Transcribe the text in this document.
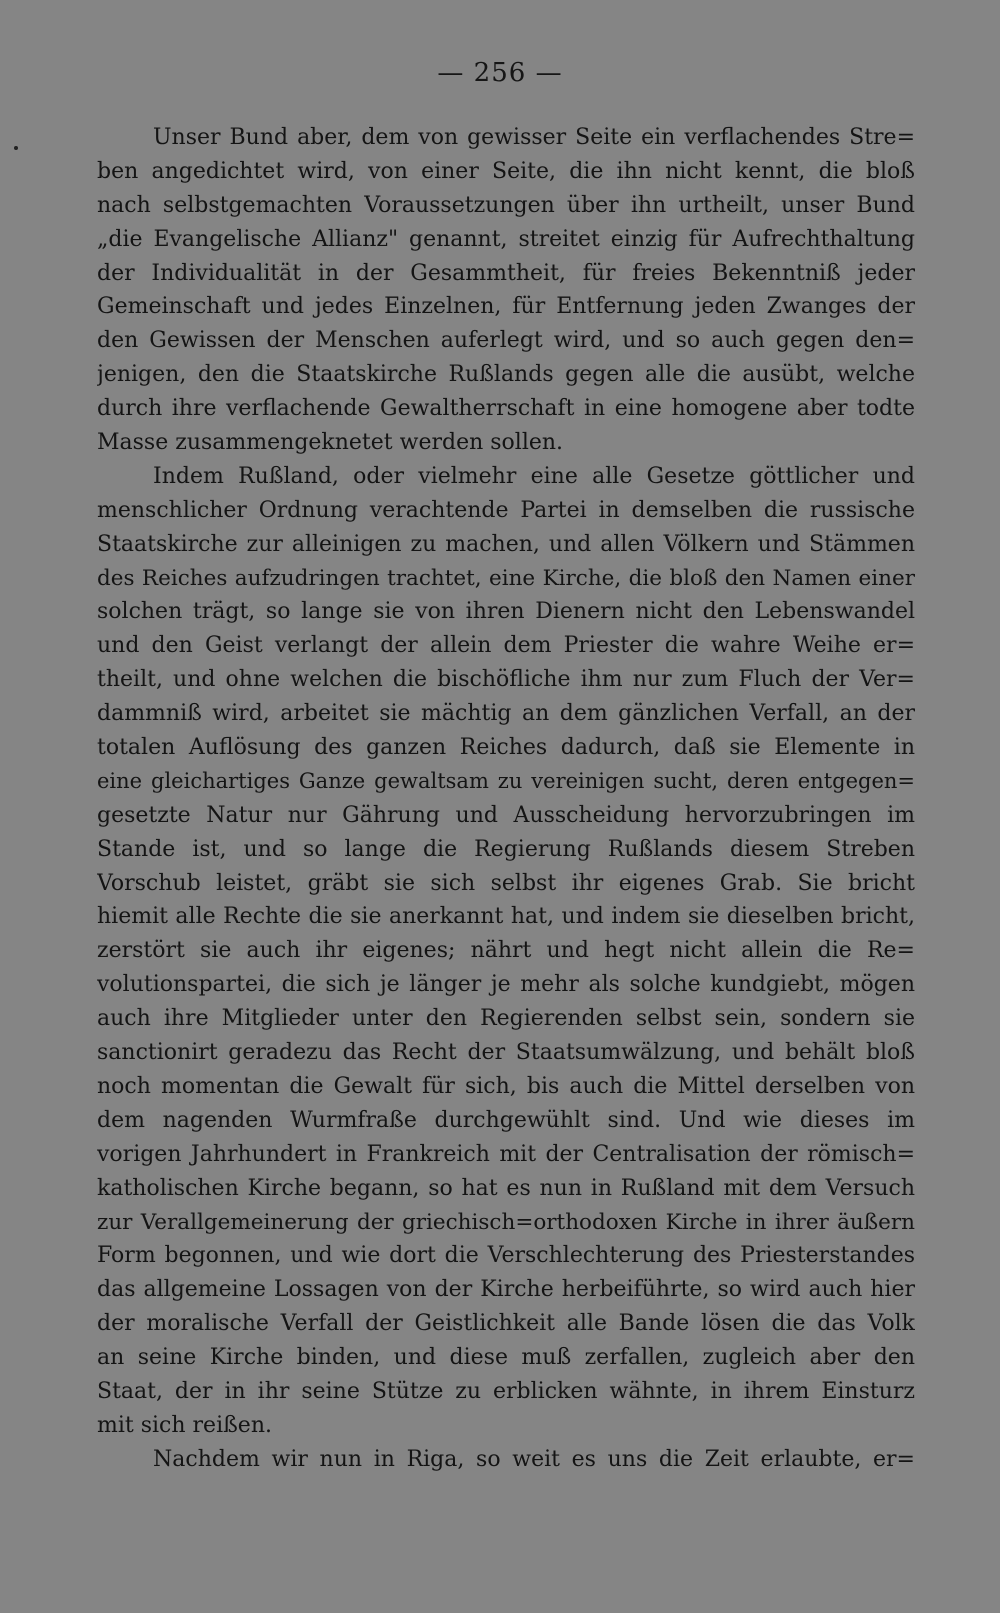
— 256 —
Unser Bund aber, dem von gewisser Seite ein verflachendes Stre=
ben angedichtet wird, von einer Seite, die ihn nicht kennt, die bloß
nach selbstgemachten Voraussetzungen über ihn urtheilt, unser Bund
„die Evangelische Allianz" genannt, streitet einzig für Aufrechthaltung
der Individualität in der Gesammtheit, für freies Bekenntniß jeder
Gemeinschaft und jedes Einzelnen, für Entfernung jeden Zwanges der
den Gewissen der Menschen auferlegt wird, und so auch gegen den=
jenigen, den die Staatskirche Rußlands gegen alle die ausübt, welche
durch ihre verflachende Gewaltherrschaft in eine homogene aber todte
Masse zusammengeknetet werden sollen.
Indem Rußland, oder vielmehr eine alle Gesetze göttlicher und
menschlicher Ordnung verachtende Partei in demselben die russische
Staatskirche zur alleinigen zu machen, und allen Völkern und Stämmen
des Reiches aufzudringen trachtet, eine Kirche, die bloß den Namen einer
solchen trägt, so lange sie von ihren Dienern nicht den Lebenswandel
und den Geist verlangt der allein dem Priester die wahre Weihe er=
theilt, und ohne welchen die bischöfliche ihm nur zum Fluch der Ver=
dammniß wird, arbeitet sie mächtig an dem gänzlichen Verfall, an der
totalen Auflösung des ganzen Reiches dadurch, daß sie Elemente in
eine gleichartiges Ganze gewaltsam zu vereinigen sucht, deren entgegen=
gesetzte Natur nur Gährung und Ausscheidung hervorzubringen im
Stande ist, und so lange die Regierung Rußlands diesem Streben
Vorschub leistet, gräbt sie sich selbst ihr eigenes Grab. Sie bricht
hiemit alle Rechte die sie anerkannt hat, und indem sie dieselben bricht,
zerstört sie auch ihr eigenes; nährt und hegt nicht allein die Re=
volutionspartei, die sich je länger je mehr als solche kundgiebt, mögen
auch ihre Mitglieder unter den Regierenden selbst sein, sondern sie
sanctionirt geradezu das Recht der Staatsumwälzung, und behält bloß
noch momentan die Gewalt für sich, bis auch die Mittel derselben von
dem nagenden Wurmfraße durchgewühlt sind. Und wie dieses im
vorigen Jahrhundert in Frankreich mit der Centralisation der römisch=
katholischen Kirche begann, so hat es nun in Rußland mit dem Versuch
zur Verallgemeinerung der griechisch=orthodoxen Kirche in ihrer äußern
Form begonnen, und wie dort die Verschlechterung des Priesterstandes
das allgemeine Lossagen von der Kirche herbeiführte, so wird auch hier
der moralische Verfall der Geistlichkeit alle Bande lösen die das Volk
an seine Kirche binden, und diese muß zerfallen, zugleich aber den
Staat, der in ihr seine Stütze zu erblicken wähnte, in ihrem Einsturz
mit sich reißen.
Nachdem wir nun in Riga, so weit es uns die Zeit erlaubte, er=
